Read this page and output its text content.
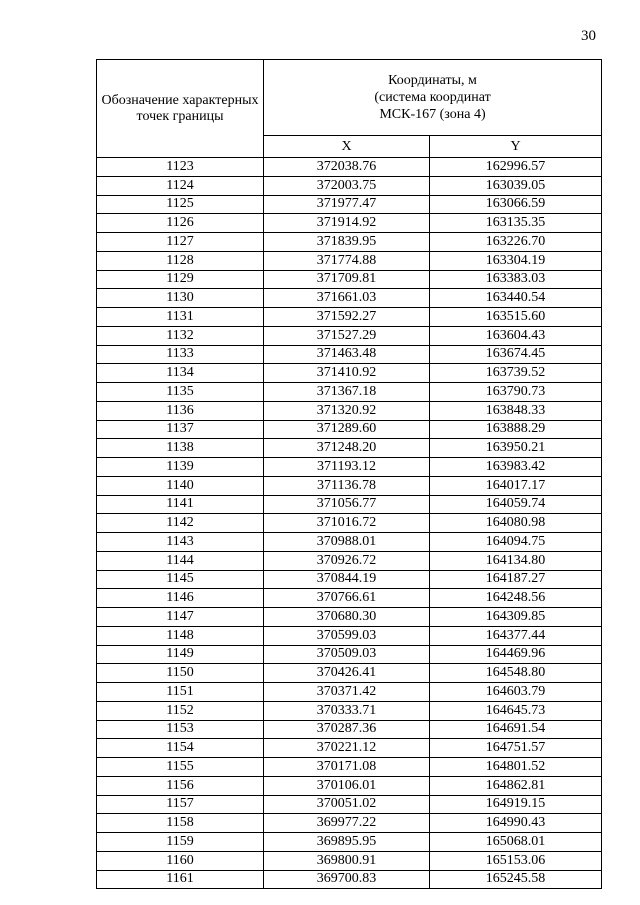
30
Обозначение характерных точек границы	Координаты, м
(система координат
МСК-167 (зона 4)	

	X	Y
1123	372038.76	162996.57
1124	372003.75	163039.05
1125	371977.47	163066.59
1126	371914.92	163135.35
1127	371839.95	163226.70
1128	371774.88	163304.19
1129	371709.81	163383.03
1130	371661.03	163440.54
1131	371592.27	163515.60
1132	371527.29	163604.43
1133	371463.48	163674.45
1134	371410.92	163739.52
1135	371367.18	163790.73
1136	371320.92	163848.33
1137	371289.60	163888.29
1138	371248.20	163950.21
1139	371193.12	163983.42
1140	371136.78	164017.17
1141	371056.77	164059.74
1142	371016.72	164080.98
1143	370988.01	164094.75
1144	370926.72	164134.80
1145	370844.19	164187.27
1146	370766.61	164248.56
1147	370680.30	164309.85
1148	370599.03	164377.44
1149	370509.03	164469.96
1150	370426.41	164548.80
1151	370371.42	164603.79
1152	370333.71	164645.73
1153	370287.36	164691.54
1154	370221.12	164751.57
1155	370171.08	164801.52
1156	370106.01	164862.81
1157	370051.02	164919.15
1158	369977.22	164990.43
1159	369895.95	165068.01
1160	369800.91	165153.06
1161	369700.83	165245.58
